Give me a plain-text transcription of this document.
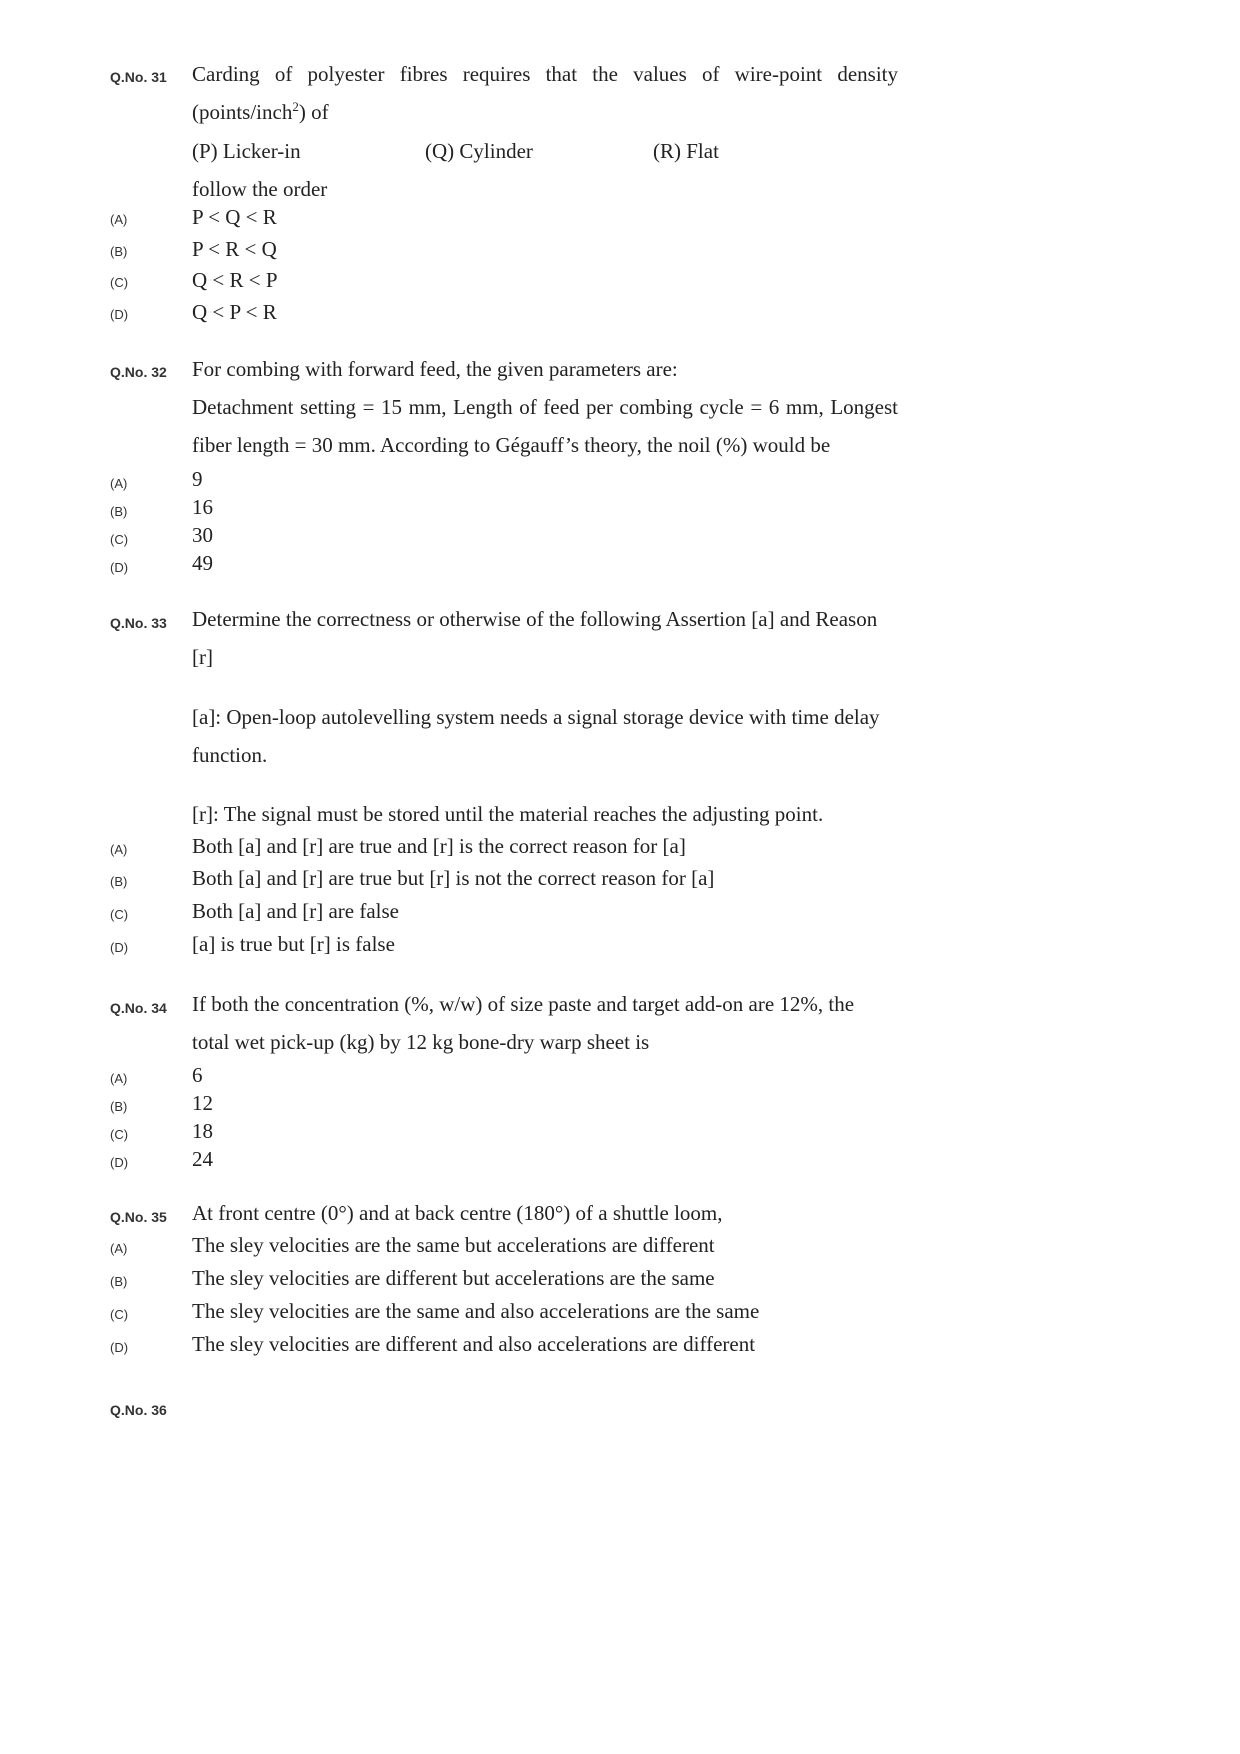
Q.No. 31 Carding of polyester fibres requires that the values of wire-point density
(points/inch$^2$) of
(P) Licker-in	(Q) Cylinder	(R) Flat
follow the order
(A)	P < Q < R
(B)	P < R < Q
(C)	Q < R < P
(D)	Q < P < R
Q.No. 32 For combing with forward feed, the given parameters are:
Detachment setting = 15 mm, Length of feed per combing cycle = 6 mm, Longest
fiber length = 30 mm. According to Gégauff’s theory, the noil (%) would be
(A)	9
(B)	16
(C)	30
(D)	49
Q.No. 33 Determine the correctness or otherwise of the following Assertion [a] and Reason
[r]
[a]: Open-loop autolevelling system needs a signal storage device with time delay
function.
[r]: The signal must be stored until the material reaches the adjusting point.
(A)	Both [a] and [r] are true and [r] is the correct reason for [a]
(B)	Both [a] and [r] are true but [r] is not the correct reason for [a]
(C)	Both [a] and [r] are false
(D)	[a] is true but [r] is false
Q.No. 34 If both the concentration (%, w/w) of size paste and target add-on are 12%, the
total wet pick-up (kg) by 12 kg bone-dry warp sheet is
(A)	6
(B)	12
(C)	18
(D)	24
Q.No. 35 At front centre (0°) and at back centre (180°) of a shuttle loom,
(A)	The sley velocities are the same but accelerations are different
(B)	The sley velocities are different but accelerations are the same
(C)	The sley velocities are the same and also accelerations are the same
(D)	The sley velocities are different and also accelerations are different
Q.No. 36
